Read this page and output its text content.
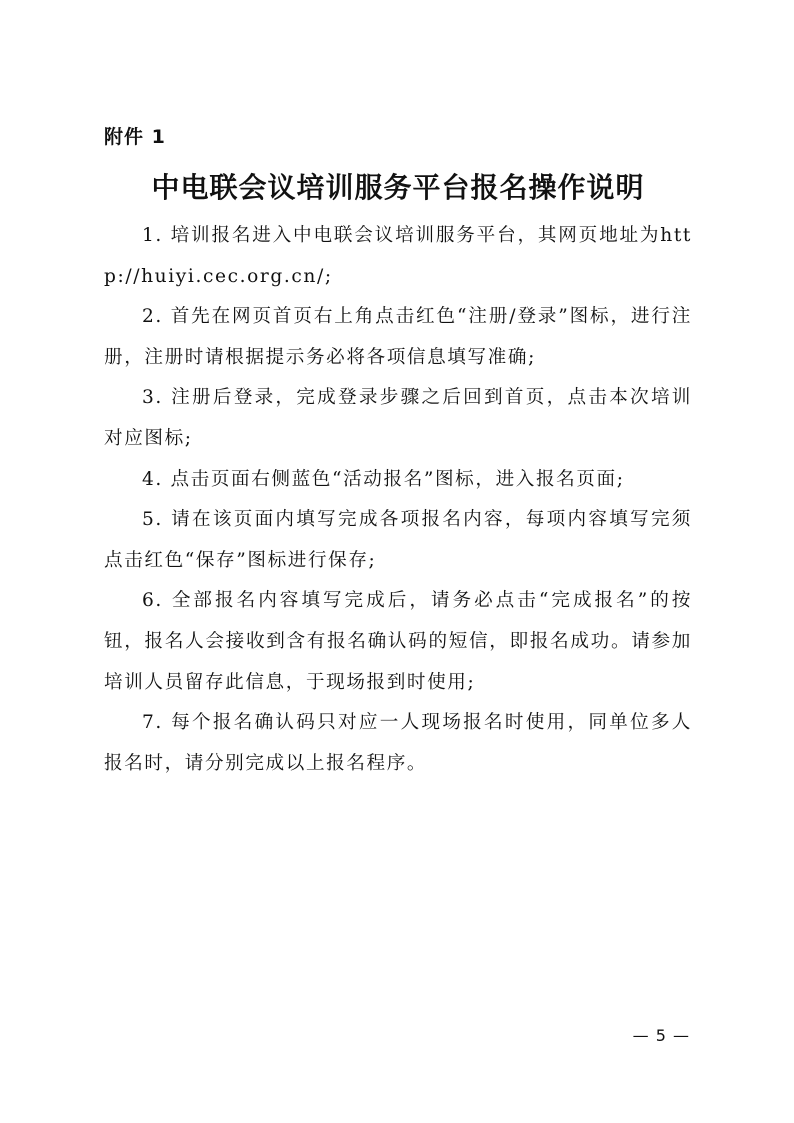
附件 1
中电联会议培训服务平台报名操作说明

1. 培训报名进入中电联会议培训服务平台，其网页地址为http://huiyi.cec.org.cn/;

2. 首先在网页首页右上角点击红色“注册/登录”图标，进行注册，注册时请根据提示务必将各项信息填写准确;

3. 注册后登录，完成登录步骤之后回到首页，点击本次培训对应图标;

4. 点击页面右侧蓝色“活动报名”图标，进入报名页面;

5. 请在该页面内填写完成各项报名内容，每项内容填写完须点击红色“保存”图标进行保存;

6. 全部报名内容填写完成后，请务必点击“完成报名”的按钮，报名人会接收到含有报名确认码的短信，即报名成功。请参加培训人员留存此信息，于现场报到时使用;

7. 每个报名确认码只对应一人现场报名时使用，同单位多人报名时，请分别完成以上报名程序。

— 5 —
